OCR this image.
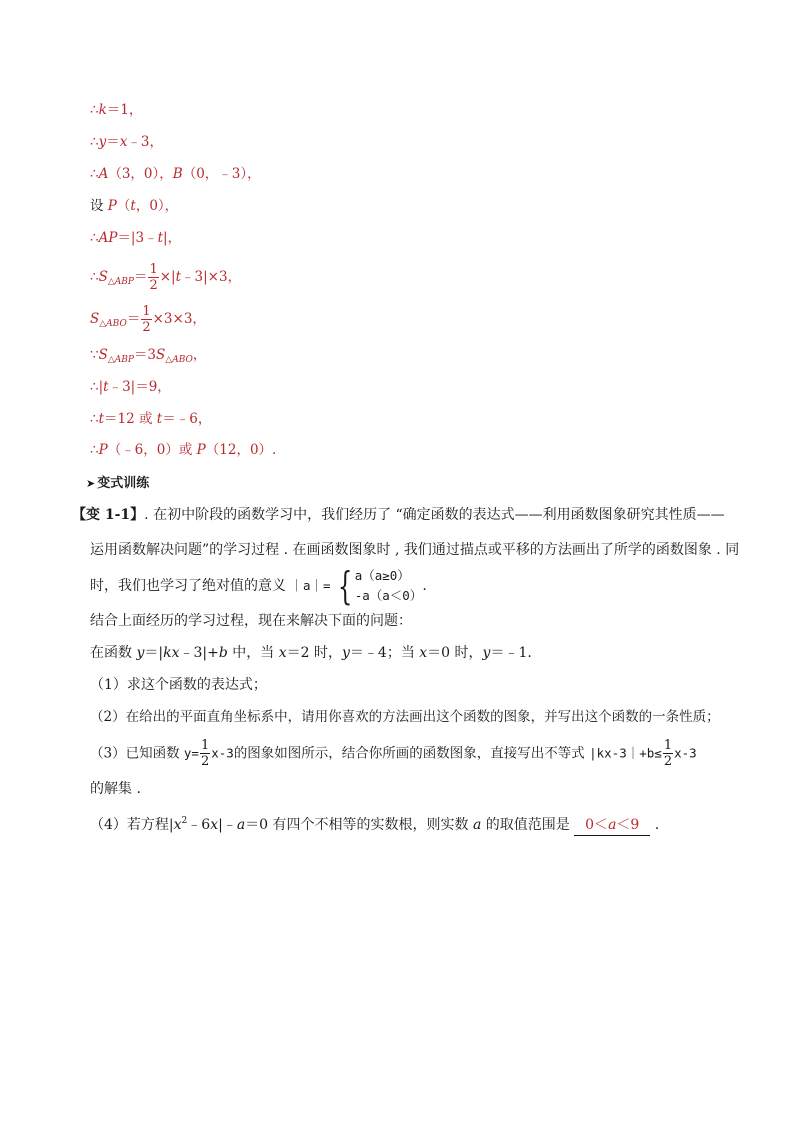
∴k＝1，
∴y＝x﹣3，
∴A（3，0），B（0，﹣3），
设 P（t，0），
∴AP＝|3﹣t|，
$\therefore S_{\triangle ABP}= \frac{1}{2}$ ×|t﹣3|×3，
$S_{\triangle ABO}= \frac{1}{2} \times 3\times 3$，
$\because S_{\triangle ABP}=3S_{\triangle ABO}$，
∴|t﹣3|＝9，
∴t＝12 或 t＝﹣6，
∴P（﹣6，0）或 P（12，0）.
➤ 变式训练
【变 1-1】. 在初中阶段的函数学习中，我们经历了 “确定函数的表达式——利用函数图象研究其性质——
运用函数解决问题”的学习过程 . 在画函数图象时 , 我们通过描点或平移的方法画出了所学的函数图象 . 同
时，我们也学习了绝对值的意义 ｜a｜= { a（a≥0）
-a（a＜0）
.
结合上面经历的学习过程，现在来解决下面的问题：
在函数 y＝|kx﹣3|+b 中，当 x＝2 时，y＝﹣4；当 x＝0 时，y＝﹣1.
（1）求这个函数的表达式；
（2）在给出的平面直角坐标系中，请用你喜欢的方法画出这个函数的图象，并写出这个函数的一条性质；
（3）已知函数 $y= \frac{1}{2} x-3$的图象如图所示，结合你所画的函数图象，直接写出不等式 |kx-3｜+b≤ $\frac{1}{2} x-3$
的解集 .
（4）若方程$|x^2﹣6x|﹣a=0$ 有四个不相等的实数根，则实数 a 的取值范围是 0＜a＜9 .
